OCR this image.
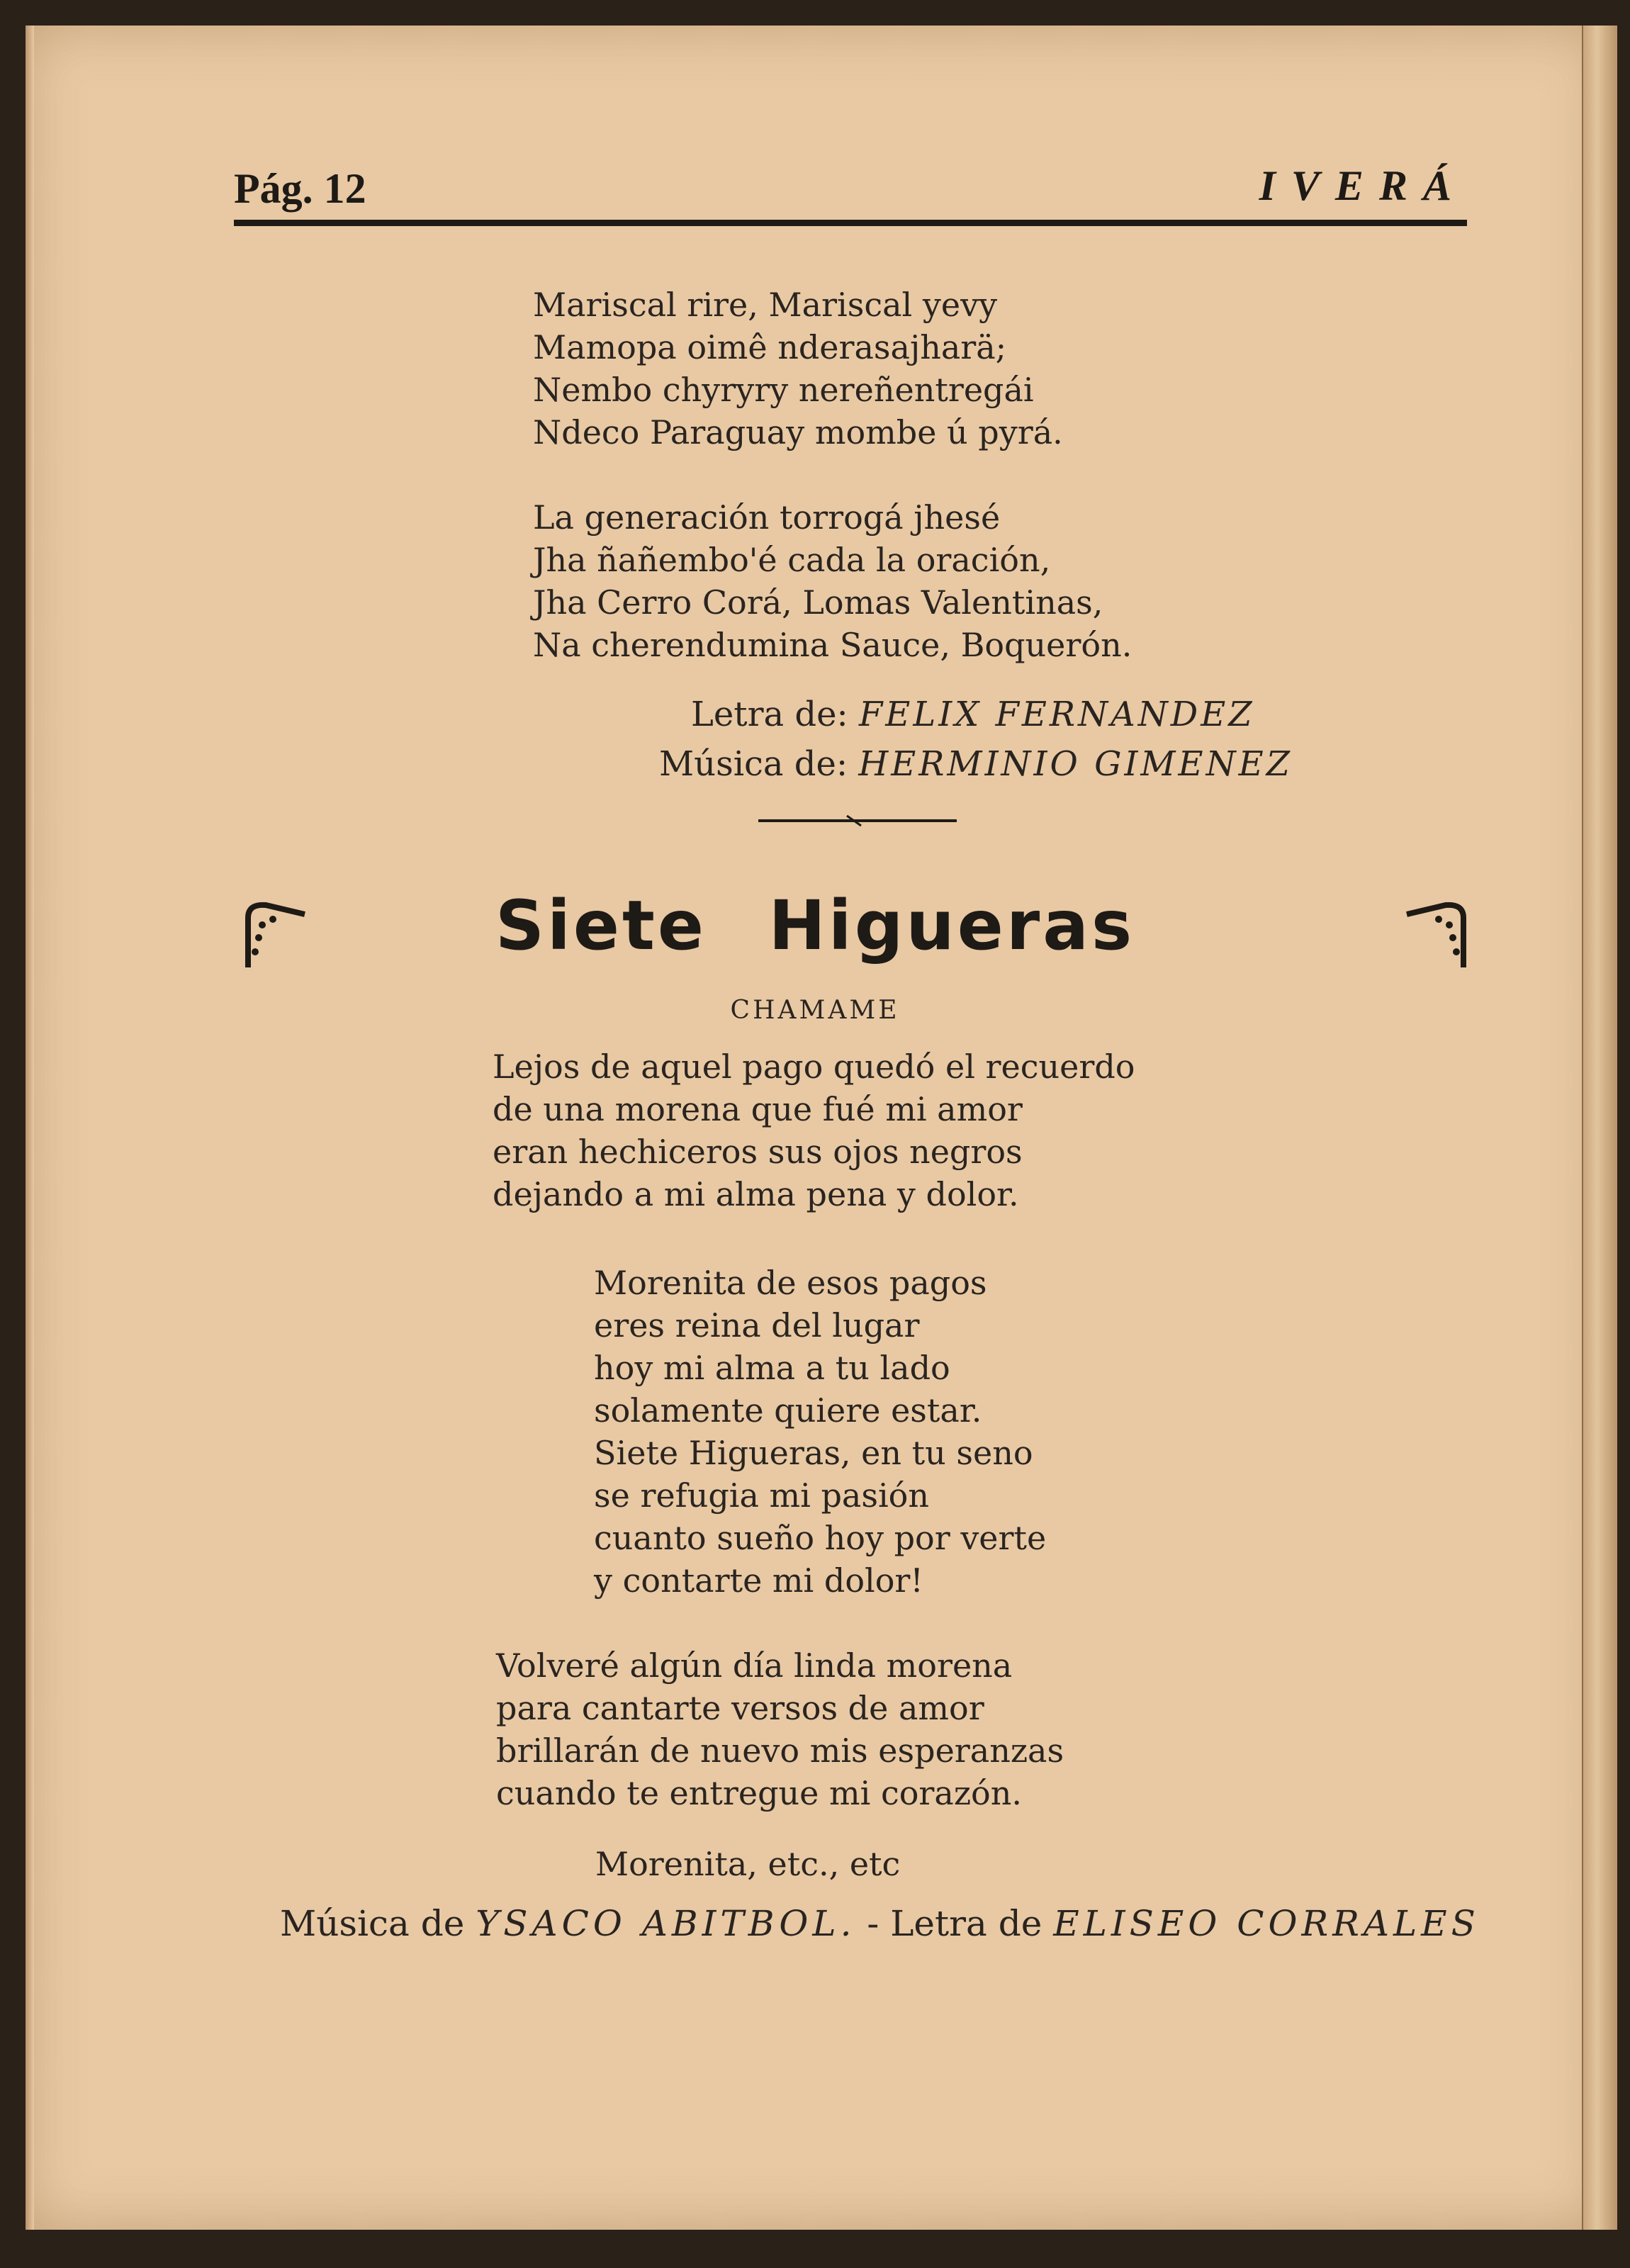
Pág. 12	IVERÁ
Mariscal rire, Mariscal yevy
Mamopa oimê nderasajharä;
Nembo chyryry nereñentregái
Ndeco Paraguay mombe ú pyrá.
La generación torrogá jhesé
Jha ñañembo'é cada la oración,
Jha Cerro Corá, Lomas Valentinas,
Na cherendumina Sauce, Boquerón.
Letra de: FELIX FERNANDEZ
Música de: HERMINIO GIMENEZ
Siete Higueras
CHAMAME
Lejos de aquel pago quedó el recuerdo
de una morena que fué mi amor
eran hechiceros sus ojos negros
dejando a mi alma pena y dolor.
Morenita de esos pagos
eres reina del lugar
hoy mi alma a tu lado
solamente quiere estar.
Siete Higueras, en tu seno
se refugia mi pasión
cuanto sueño hoy por verte
y contarte mi dolor!
Volveré algún día linda morena
para cantarte versos de amor
brillarán de nuevo mis esperanzas
cuando te entregue mi corazón.
Morenita, etc., etc
Música de YSACO ABITBOL. - Letra de ELISEO CORRALES
